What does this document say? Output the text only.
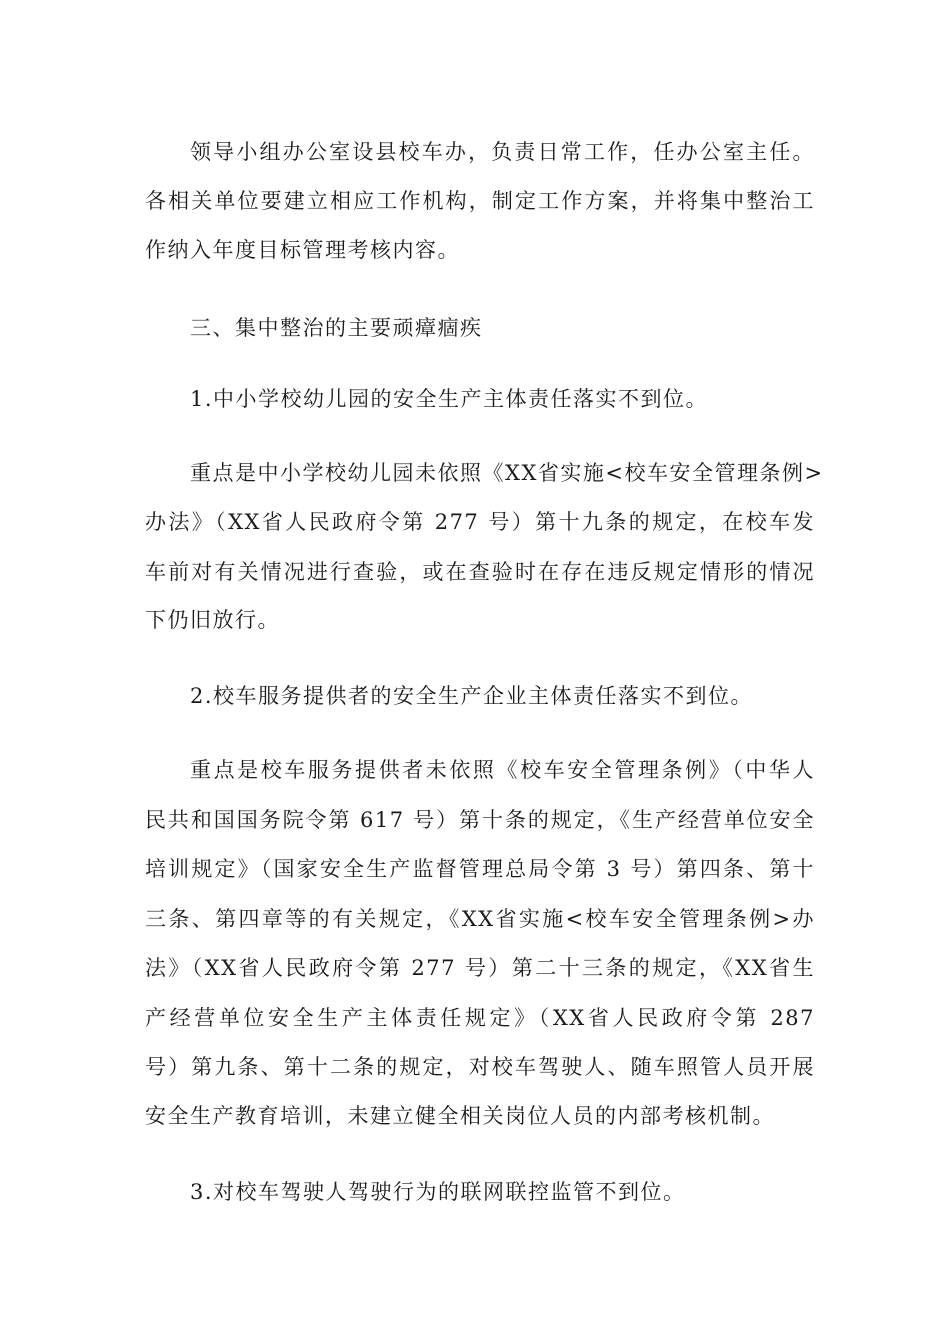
领导小组办公室设县校车办，负责日常工作，任办公室主任。
各相关单位要建立相应工作机构，制定工作方案，并将集中整治工
作纳入年度目标管理考核内容。
三、集中整治的主要顽瘴痼疾
1.中小学校幼儿园的安全生产主体责任落实不到位。
重点是中小学校幼儿园未依照《XX省实施<校车安全管理条例>
办法》（XX省人民政府令第 277 号）第十九条的规定，在校车发
车前对有关情况进行查验，或在查验时在存在违反规定情形的情况
下仍旧放行。
2.校车服务提供者的安全生产企业主体责任落实不到位。
重点是校车服务提供者未依照《校车安全管理条例》（中华人
民共和国国务院令第 617 号）第十条的规定，《生产经营单位安全
培训规定》（国家安全生产监督管理总局令第 3 号）第四条、第十
三条、第四章等的有关规定，《XX省实施<校车安全管理条例>办
法》（XX省人民政府令第 277 号）第二十三条的规定，《XX省生
产经营单位安全生产主体责任规定》（XX省人民政府令第 287
号）第九条、第十二条的规定，对校车驾驶人、随车照管人员开展
安全生产教育培训，未建立健全相关岗位人员的内部考核机制。
3.对校车驾驶人驾驶行为的联网联控监管不到位。
